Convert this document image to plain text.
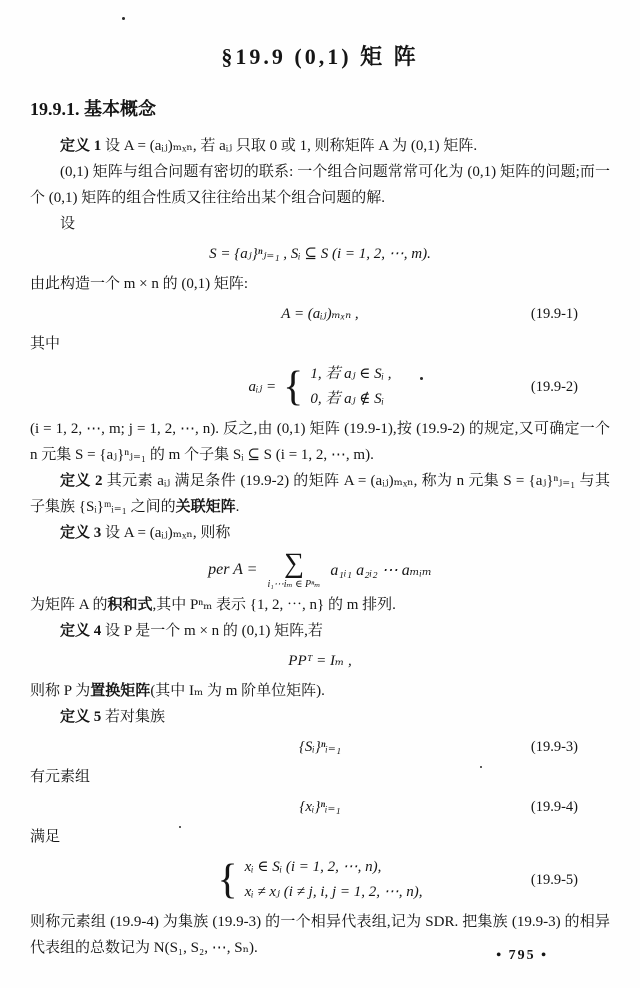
§19.9 (0,1) 矩 阵
19.9.1. 基本概念

定义 1 设 A = (aᵢⱼ)ₘₓₙ, 若 aᵢⱼ 只取 0 或 1, 则称矩阵 A 为 (0,1) 矩阵.

(0,1) 矩阵与组合问题有密切的联系: 一个组合问题常常可化为 (0,1) 矩阵的问题;而一个 (0,1) 矩阵的组合性质又往往给出某个组合问题的解.

设

S = {aⱼ}ⁿⱼ₌₁ , Sᵢ ⊆ S (i = 1, 2, ⋯, m).

由此构造一个 m × n 的 (0,1) 矩阵:

A = (aᵢⱼ)ₘₓₙ ,	(19.9-1)

其中

aᵢⱼ = { 1, 若 aⱼ ∈ Sᵢ ,
0, 若 aⱼ ∉ Sᵢ
(19.9-2)

(i = 1, 2, ⋯, m; j = 1, 2, ⋯, n). 反之,由 (0,1) 矩阵 (19.9-1),按 (19.9-2) 的规定,又可确定一个 n 元集 S = {aⱼ}ⁿⱼ₌₁ 的 m 个子集 Sᵢ ⊆ S (i = 1, 2, ⋯, m).

定义 2 其元素 aᵢⱼ 满足条件 (19.9-2) 的矩阵 A = (aᵢⱼ)ₘₓₙ, 称为 n 元集 S = {aⱼ}ⁿⱼ₌₁ 与其子集族 {Sᵢ}ᵐᵢ₌₁ 之间的关联矩阵.

定义 3 设 A = (aᵢⱼ)ₘₓₙ, 则称

per A = ∑
i₁⋯iₘ ∈ Pⁿₘ
a₁ᵢ₁ a₂ᵢ₂ ⋯ aₘᵢₘ

为矩阵 A 的积和式,其中 Pⁿₘ 表示 {1, 2, ⋯, n} 的 m 排列.

定义 4 设 P 是一个 m × n 的 (0,1) 矩阵,若

PPᵀ = Iₘ ,

则称 P 为置换矩阵(其中 Iₘ 为 m 阶单位矩阵).

定义 5 若对集族

{Sᵢ}ⁿᵢ₌₁	(19.9-3)

有元素组

{xᵢ}ⁿᵢ₌₁	(19.9-4)

满足

{ xᵢ ∈ Sᵢ (i = 1, 2, ⋯, n),
xᵢ ≠ xⱼ (i ≠ j, i, j = 1, 2, ⋯, n),
(19.9-5)

则称元素组 (19.9-4) 为集族 (19.9-3) 的一个相异代表组,记为 SDR. 把集族 (19.9-3) 的相异代表组的总数记为 N(S₁, S₂, ⋯, Sₙ).	• 795 •
